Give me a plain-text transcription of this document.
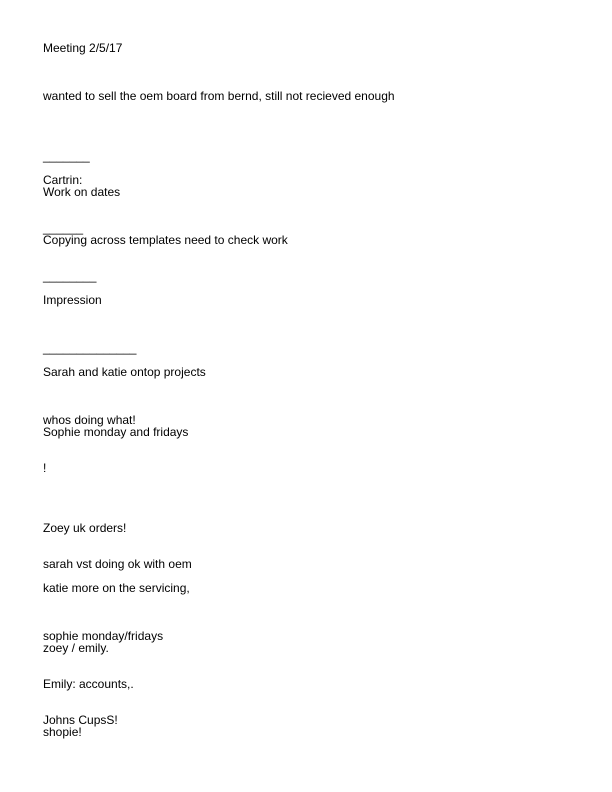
Meeting 2/5/17
wanted to sell the oem board from bernd, still not recieved enough
_______
Cartrin:
Work on dates
______
Copying across templates need to check work
________
Impression
______________
Sarah and katie ontop projects
whos doing what!
Sophie monday and fridays
!
Zoey uk orders!
sarah vst doing ok with oem
katie more on the servicing,
sophie monday/fridays
zoey / emily.
Emily: accounts,.
Johns CupsS!
shopie!
